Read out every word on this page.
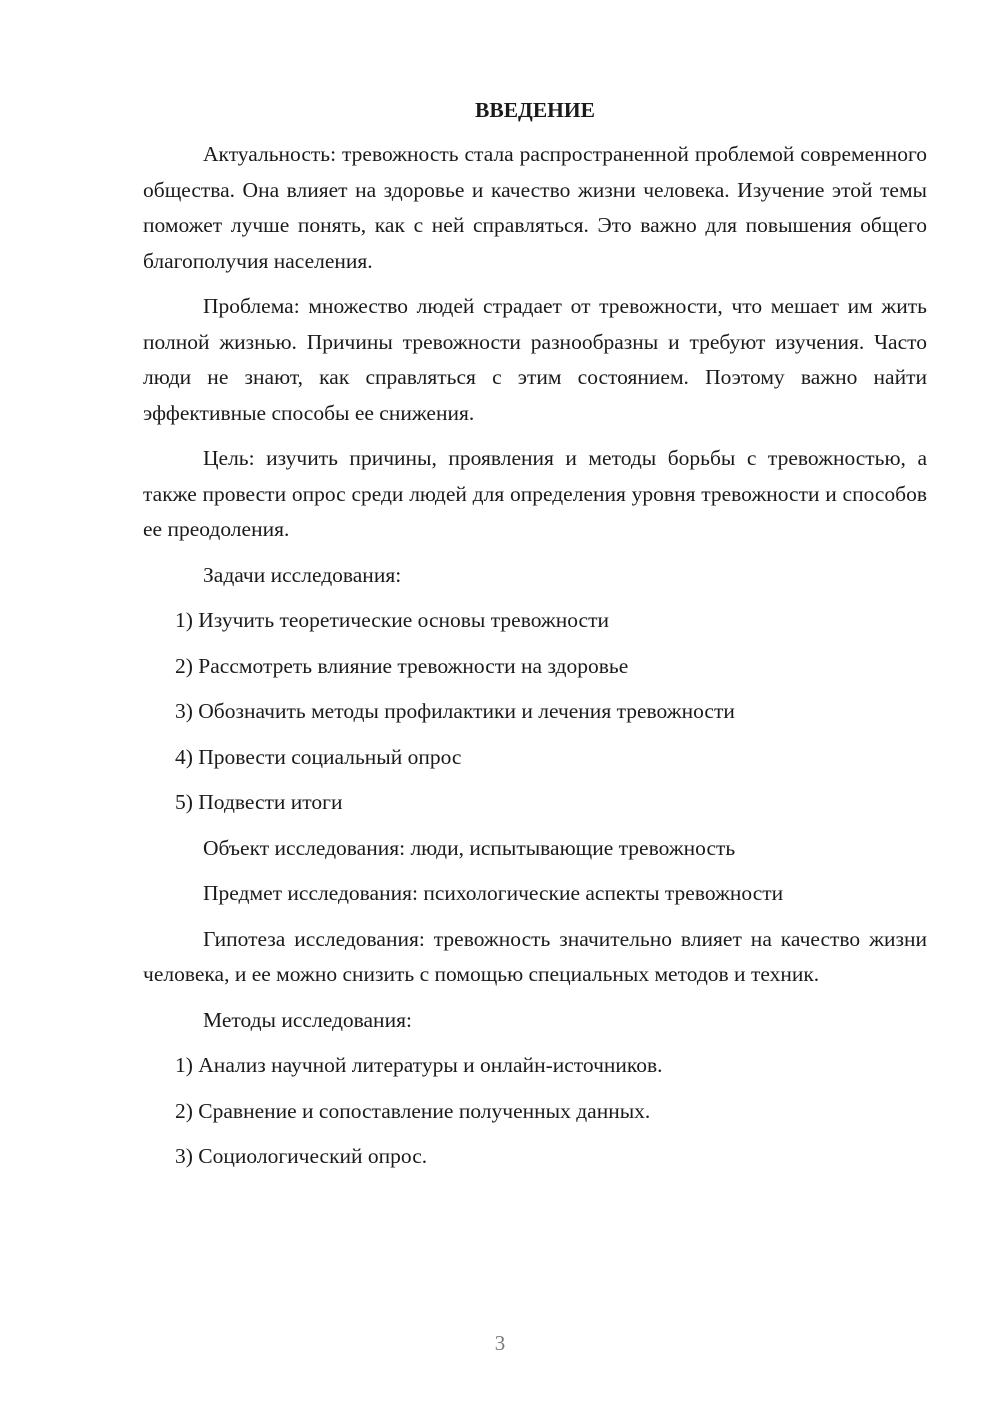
ВВЕДЕНИЕ

Актуальность: тревожность стала распространенной проблемой современного общества. Она влияет на здоровье и качество жизни человека. Изучение этой темы поможет лучше понять, как с ней справляться. Это важно для повышения общего благополучия населения.

Проблема: множество людей страдает от тревожности, что мешает им жить полной жизнью. Причины тревожности разнообразны и требуют изучения. Часто люди не знают, как справляться с этим состоянием. Поэтому важно найти эффективные способы ее снижения.

Цель: изучить причины, проявления и методы борьбы с тревожностью, а также провести опрос среди людей для определения уровня тревожности и способов ее преодоления.

Задачи исследования:

1) Изучить теоретические основы тревожности

2) Рассмотреть влияние тревожности на здоровье

3) Обозначить методы профилактики и лечения тревожности

4) Провести социальный опрос

5) Подвести итоги

Объект исследования: люди, испытывающие тревожность

Предмет исследования: психологические аспекты тревожности

Гипотеза исследования: тревожность значительно влияет на качество жизни человека, и ее можно снизить с помощью специальных методов и техник.

Методы исследования:

1) Анализ научной литературы и онлайн-источников.

2) Сравнение и сопоставление полученных данных.

3) Социологический опрос.

3
